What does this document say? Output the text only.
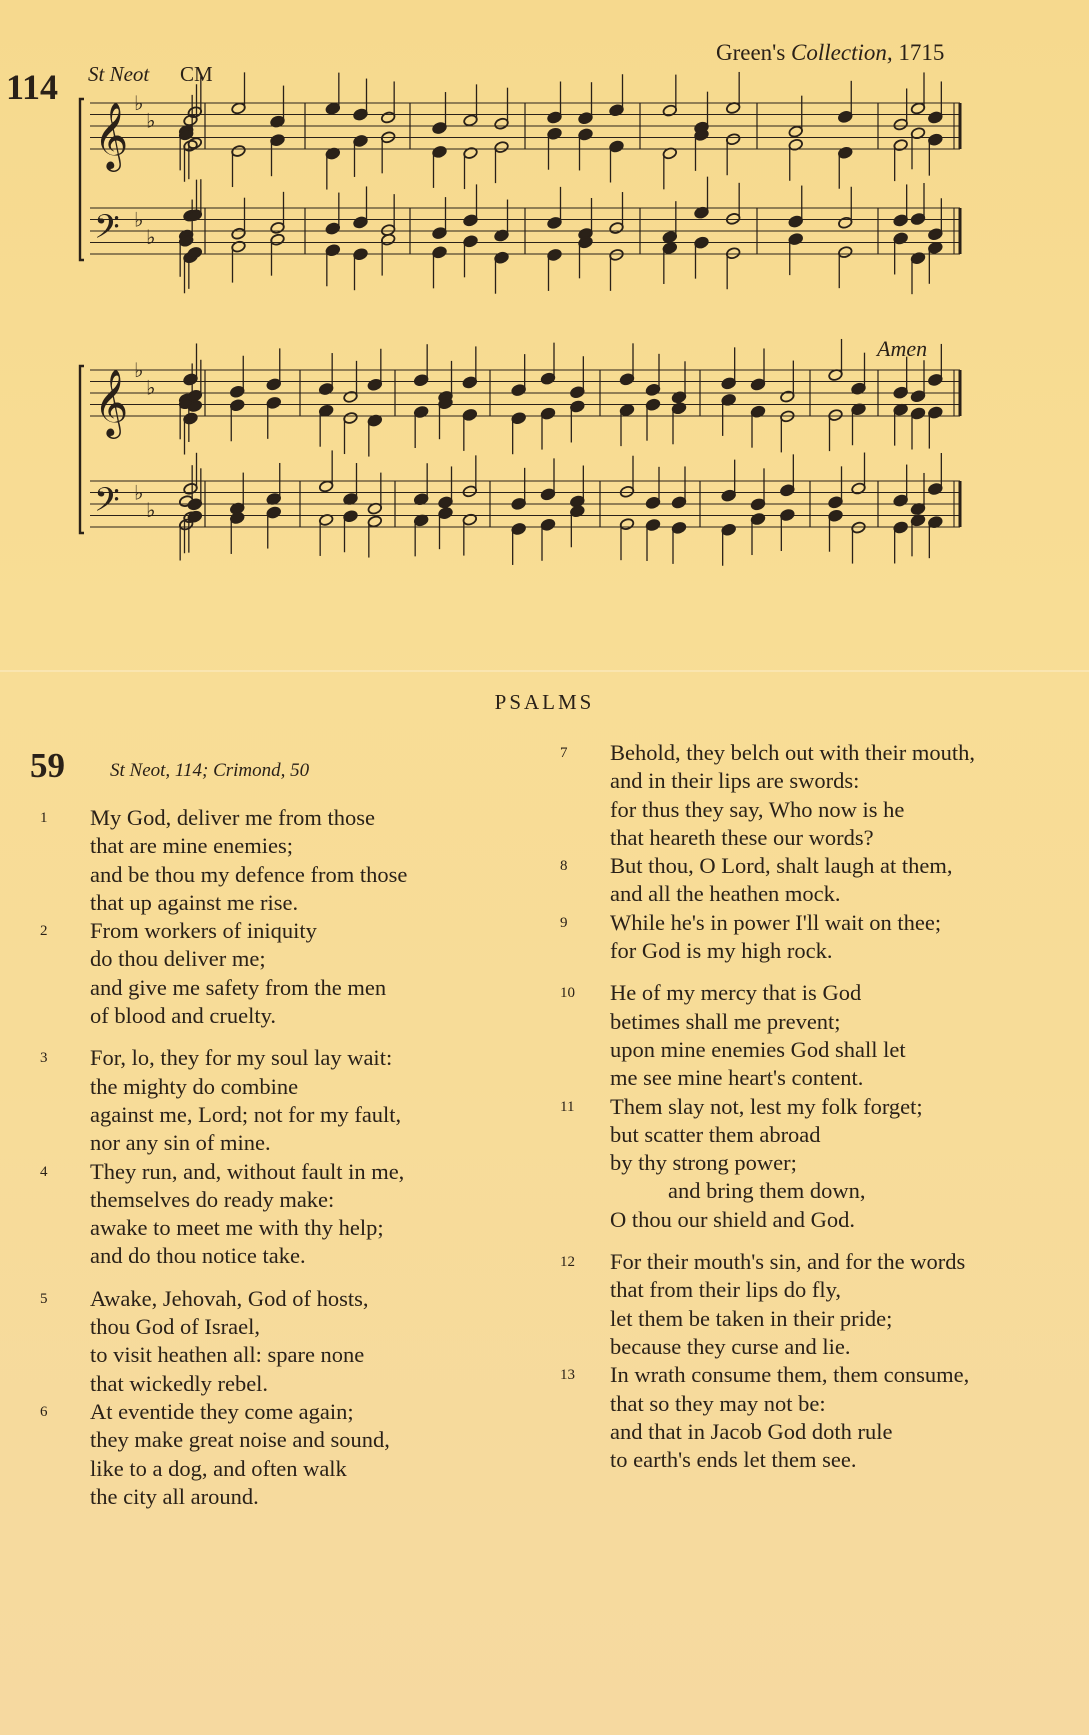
114 St Neot CM
Green's Collection, 1715
Amen
𝄞 ♭
♭
𝄢 ♭
♭
𝄞 ♭
♭
𝄢 ♭
♭
PSALMS
59 St Neot, 114; Crimond, 50
1	My God, deliver me from those
that are mine enemies;
and be thou my defence from those
that up against me rise.
2	From workers of iniquity
do thou deliver me;
and give me safety from the men
of blood and cruelty.
3	For, lo, they for my soul lay wait:
the mighty do combine
against me, Lord; not for my fault,
nor any sin of mine.
4	They run, and, without fault in me,
themselves do ready make:
awake to meet me with thy help;
and do thou notice take.
5	Awake, Jehovah, God of hosts,
thou God of Israel,
to visit heathen all: spare none
that wickedly rebel.
6	At eventide they come again;
they make great noise and sound,
like to a dog, and often walk
the city all around.
7	Behold, they belch out with their mouth,
and in their lips are swords:
for thus they say, Who now is he
that heareth these our words?
8	But thou, O Lord, shalt laugh at them,
and all the heathen mock.
9	While he's in power I'll wait on thee;
for God is my high rock.
10	He of my mercy that is God
betimes shall me prevent;
upon mine enemies God shall let
me see mine heart's content.
11	Them slay not, lest my folk forget;
but scatter them abroad
by thy strong power;
and bring them down,
O thou our shield and God.
12	For their mouth's sin, and for the words
that from their lips do fly,
let them be taken in their pride;
because they curse and lie.
13	In wrath consume them, them consume,
that so they may not be:
and that in Jacob God doth rule
to earth's ends let them see.
